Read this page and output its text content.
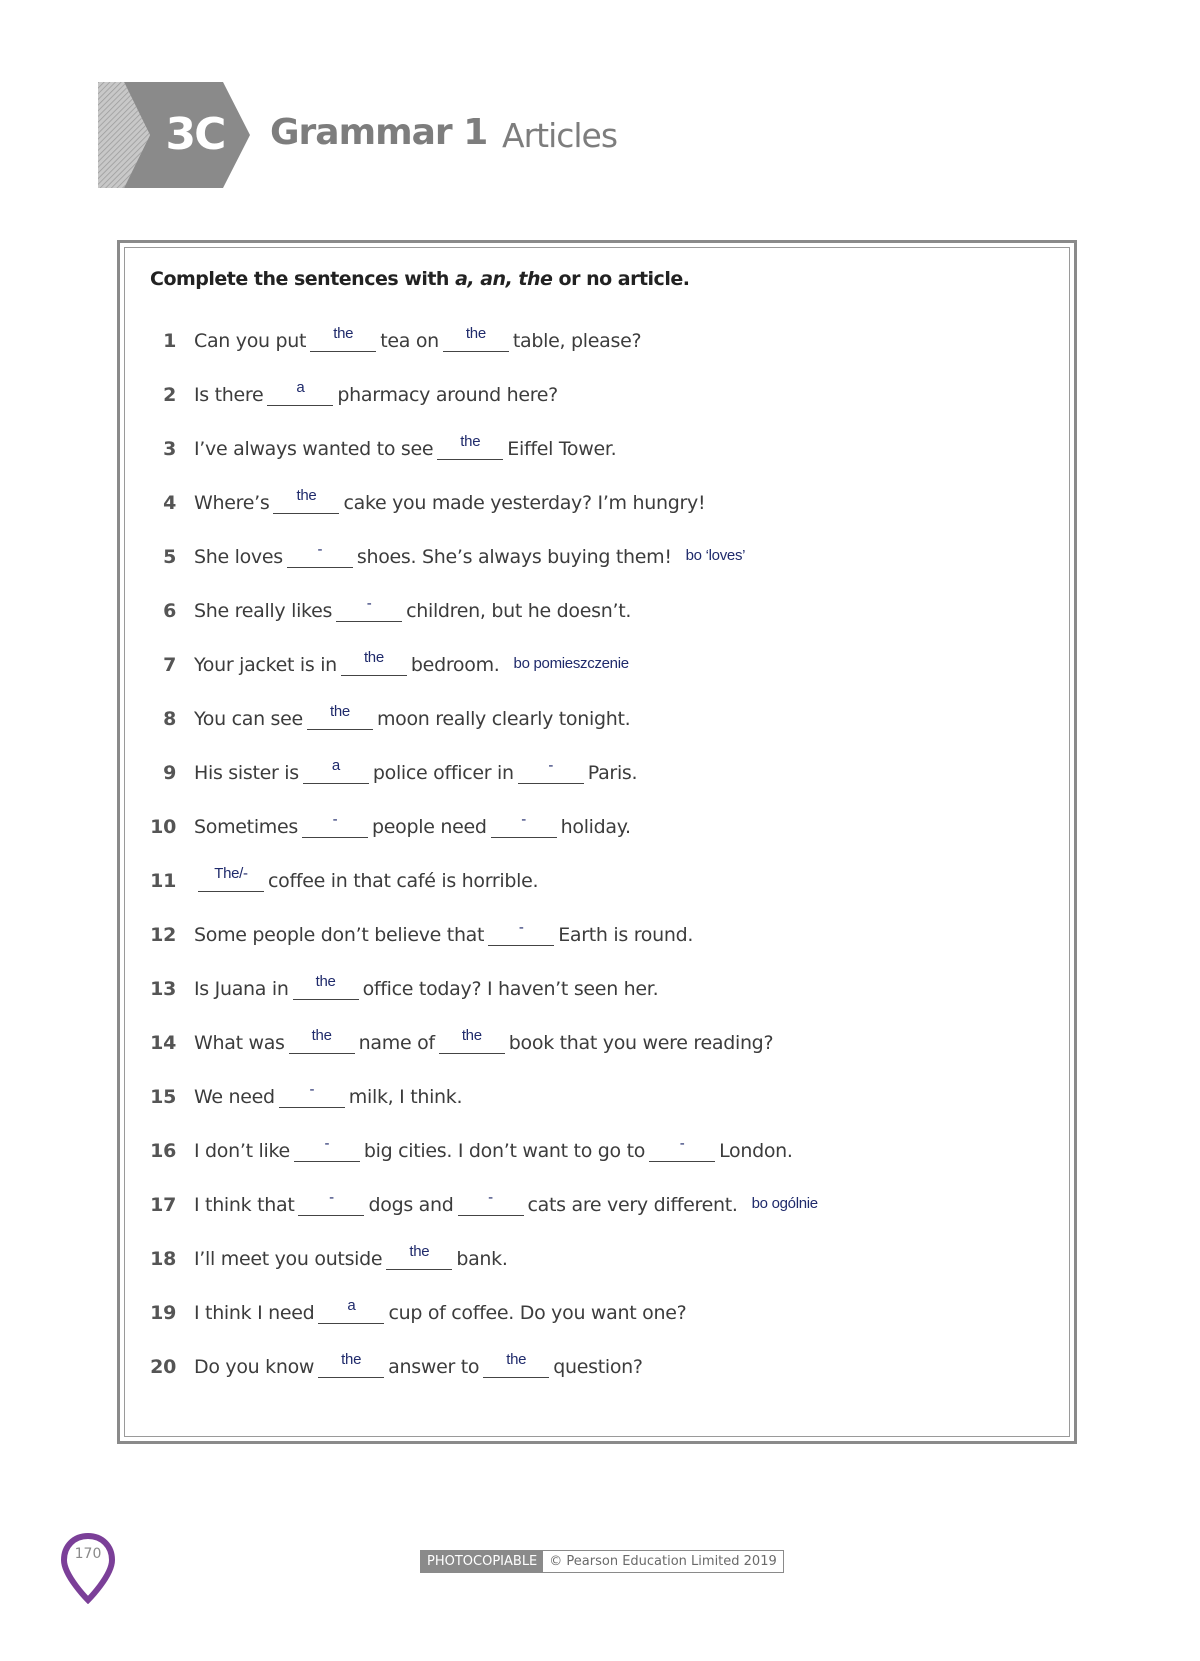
3C Grammar 1 Articles
Complete the sentences with a, an, the or no article.
1 Can you put	the	tea on	the	table, please?
2 Is there	a	pharmacy around here?
3 I’ve always wanted to see	the	Eiffel Tower.
4 Where’s	the	cake you made yesterday? I’m hungry!
5 She loves	-	shoes. She’s always buying them! bo ‘loves’
6 She really likes	-	children, but he doesn’t.
7 Your jacket is in	the	bedroom. bo pomieszczenie
8 You can see	the	moon really clearly tonight.
9 His sister is	a	police officer in	-	Paris.
10 Sometimes	-	people need	-	holiday.
11	The/-	coffee in that café is horrible.
12 Some people don’t believe that	-	Earth is round.
13 Is Juana in	the	office today? I haven’t seen her.
14 What was	the	name of	the	book that you were reading?
15 We need	-	milk, I think.
16 I don’t like	-	big cities. I don’t want to go to	-	London.
17 I think that	-	dogs and	-	cats are very different. bo ogólnie
18 I’ll meet you outside	the	bank.
19 I think I need	a	cup of coffee. Do you want one?
20 Do you know	the	answer to	the	question?
170	PHOTOCOPIABLE © Pearson Education Limited 2019
